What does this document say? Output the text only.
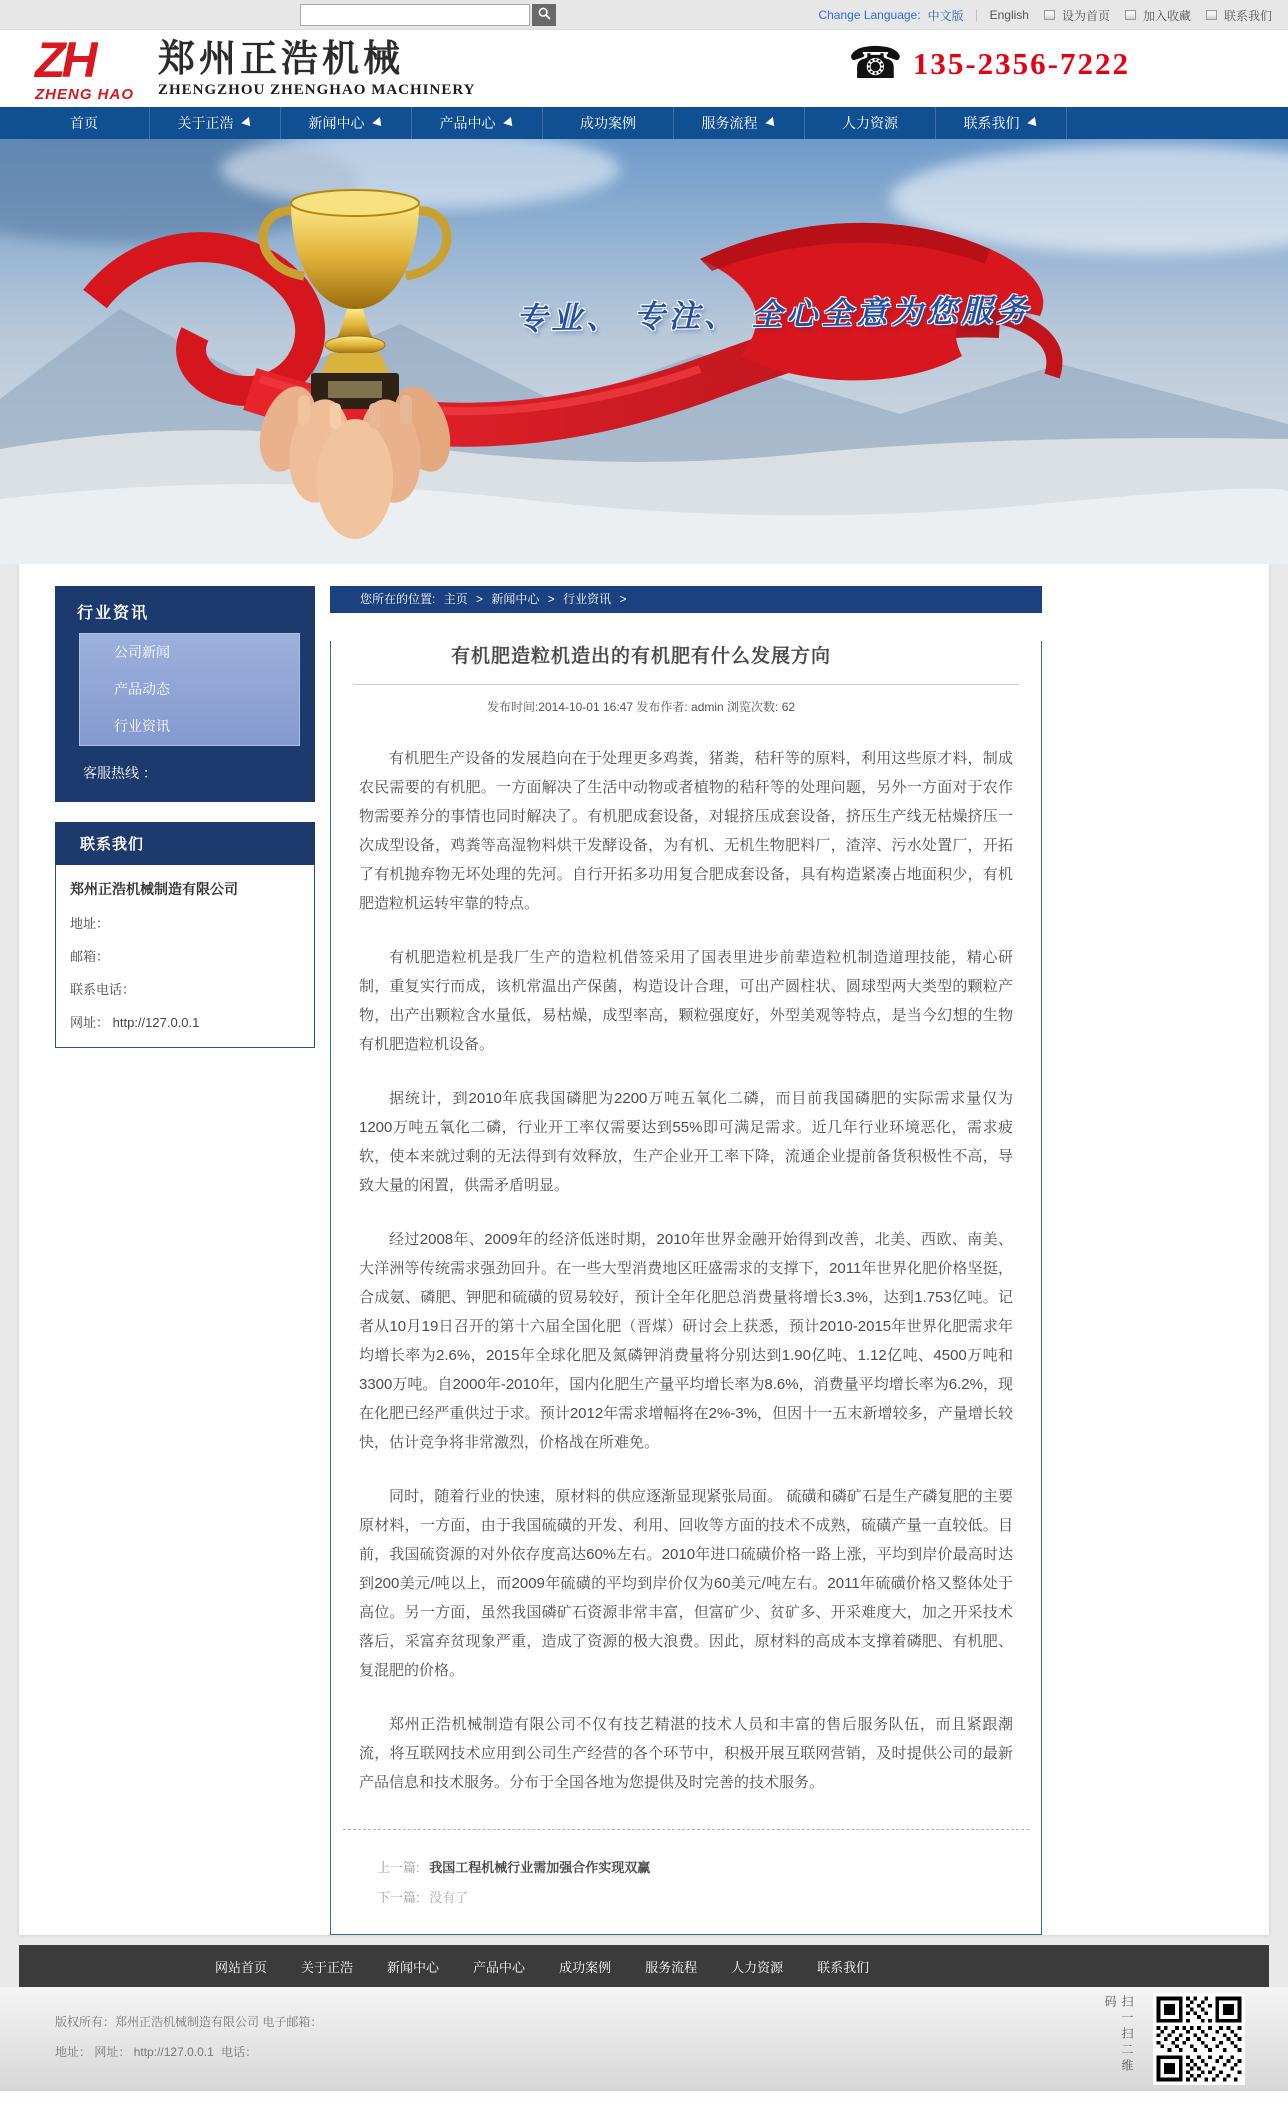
Change Language: 中文版 ｜ English	设为首页	加入收藏	联系我们
ZH
ZHENG HAO
郑州正浩机械
ZHENGZHOU ZHENGHAO MACHINERY
☎ 135-2356-7222
首页	关于正浩	新闻中心	产品中心	成功案例	服务流程	人力资源	联系我们
专业、 专注、 全心全意为您服务
行业资讯
公司新闻
产品动态
行业资讯
客服热线 ：
联系我们
郑州正浩机械制造有限公司
地址：
邮箱：
联系电话：
网址： http://127.0.0.1
您所在的位置: 主页 > 新闻中心 > 行业资讯 >
有机肥造粒机造出的有机肥有什么发展方向
发布时间:2014-10-01 16:47 发布作者: admin 浏览次数: 62

有机肥生产设备的发展趋向在于处理更多鸡粪，猪粪，秸秆等的原料，利用这些原才料，制成农民需要的有机肥。一方面解决了生活中动物或者植物的秸秆等的处理问题，另外一方面对于农作物需要养分的事情也同时解决了。有机肥成套设备，对辊挤压成套设备，挤压生产线无枯燥挤压一次成型设备，鸡粪等高湿物料烘干发酵设备，为有机、无机生物肥料厂，渣滓、污水处置厂，开拓了有机抛弃物无坏处理的先河。自行开拓多功用复合肥成套设备，具有构造紧凑占地面积少，有机肥造粒机运转牢靠的特点。

有机肥造粒机是我厂生产的造粒机借签采用了国表里进步前辈造粒机制造道理技能，精心研制，重复实行而成，该机常温出产保菌，构造设计合理，可出产圆柱状、圆球型两大类型的颗粒产物，出产出颗粒含水量低，易枯燥，成型率高，颗粒强度好，外型美观等特点，是当今幻想的生物有机肥造粒机设备。

据统计，到2010年底我国磷肥为2200万吨五氧化二磷，而目前我国磷肥的实际需求量仅为1200万吨五氧化二磷，行业开工率仅需要达到55%即可满足需求。近几年行业环境恶化，需求疲软，使本来就过剩的无法得到有效释放，生产企业开工率下降，流通企业提前备货积极性不高，导致大量的闲置，供需矛盾明显。

经过2008年、2009年的经济低迷时期，2010年世界金融开始得到改善，北美、西欧、南美、大洋洲等传统需求强劲回升。在一些大型消费地区旺盛需求的支撑下，2011年世界化肥价格坚挺，合成氨、磷肥、钾肥和硫磺的贸易较好，预计全年化肥总消费量将增长3.3%，达到1.753亿吨。记者从10月19日召开的第十六届全国化肥（晋煤）研讨会上获悉，预计2010-2015年世界化肥需求年均增长率为2.6%，2015年全球化肥及氮磷钾消费量将分别达到1.90亿吨、1.12亿吨、4500万吨和3300万吨。自2000年-2010年，国内化肥生产量平均增长率为8.6%，消费量平均增长率为6.2%，现在化肥已经严重供过于求。预计2012年需求增幅将在2%-3%，但因十一五末新增较多，产量增长较快，估计竞争将非常激烈，价格战在所难免。

同时，随着行业的快速，原材料的供应逐渐显现紧张局面。 硫磺和磷矿石是生产磷复肥的主要原材料，一方面，由于我国硫磺的开发、利用、回收等方面的技术不成熟，硫磺产量一直较低。目前，我国硫资源的对外依存度高达60%左右。2010年进口硫磺价格一路上涨，平均到岸价最高时达到200美元/吨以上，而2009年硫磺的平均到岸价仅为60美元/吨左右。2011年硫磺价格又整体处于高位。另一方面，虽然我国磷矿石资源非常丰富，但富矿少、贫矿多、开采难度大，加之开采技术落后，采富弃贫现象严重，造成了资源的极大浪费。因此，原材料的高成本支撑着磷肥、有机肥、复混肥的价格。

郑州正浩机械制造有限公司不仅有技艺精湛的技术人员和丰富的售后服务队伍，而且紧跟潮流，将互联网技术应用到公司生产经营的各个环节中，积极开展互联网营销，及时提供公司的最新产品信息和技术服务。分布于全国各地为您提供及时完善的技术服务。

上一篇: 我国工程机械行业需加强合作实现双赢
下一篇: 没有了
网站首页	关于正浩	新闻中心	产品中心	成功案例	服务流程	人力资源	联系我们
版权所有：郑州正浩机械制造有限公司 电子邮箱：
地址： 网址： http://127.0.0.1 电话：	扫一扫二维码
